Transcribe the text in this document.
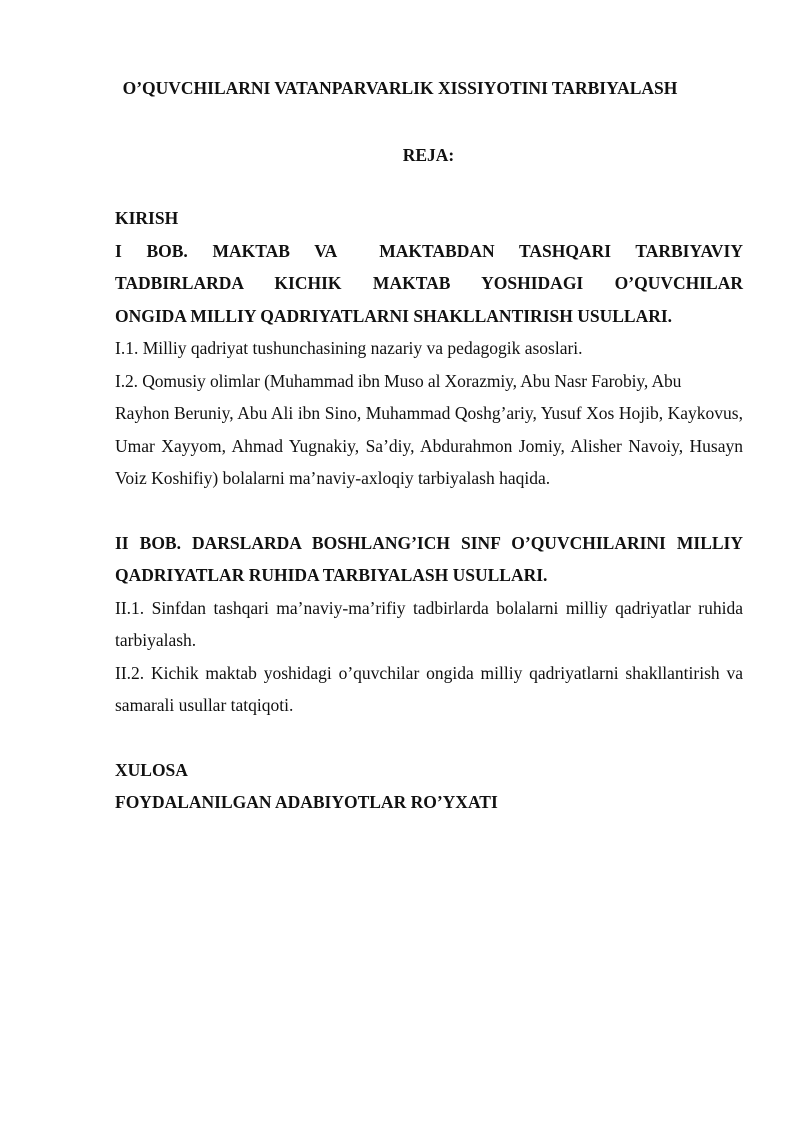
O’QUVCHILARNI VATANPARVARLIK XISSIYOTINI TARBIYALASH

REJA:

KIRISH

I BOB. MAKTAB VA MAKTABDAN TASHQARI TARBIYAVIY

TADBIRLARDA KICHIK MAKTAB YOSHIDAGI O’QUVCHILAR

ONGIDA MILLIY QADRIYATLARNI SHAKLLANTIRISH USULLARI.

I.1. Milliy qadriyat tushunchasining nazariy va pedagogik asoslari.

I.2. Qomusiy olimlar (Muhammad ibn Muso al Xorazmiy, Abu Nasr Farobiy, Abu

Rayhon Beruniy, Abu Ali ibn Sino, Muhammad Qoshg’ariy, Yusuf Xos Hojib, Kaykovus, Umar Xayyom, Ahmad Yugnakiy, Sa’diy, Abdurahmon Jomiy, Alisher Navoiy, Husayn Voiz Koshifiy) bolalarni ma’naviy-axloqiy tarbiyalash haqida.

II BOB. DARSLARDA BOSHLANG’ICH SINF O’QUVCHILARINI MILLIY QADRIYATLAR RUHIDA TARBIYALASH USULLARI.

II.1. Sinfdan tashqari ma’naviy-ma’rifiy tadbirlarda bolalarni milliy qadriyatlar ruhida tarbiyalash.

II.2. Kichik maktab yoshidagi o’quvchilar ongida milliy qadriyatlarni shakllantirish va samarali usullar tatqiqoti.

XULOSA

FOYDALANILGAN ADABIYOTLAR RO’YXATI
